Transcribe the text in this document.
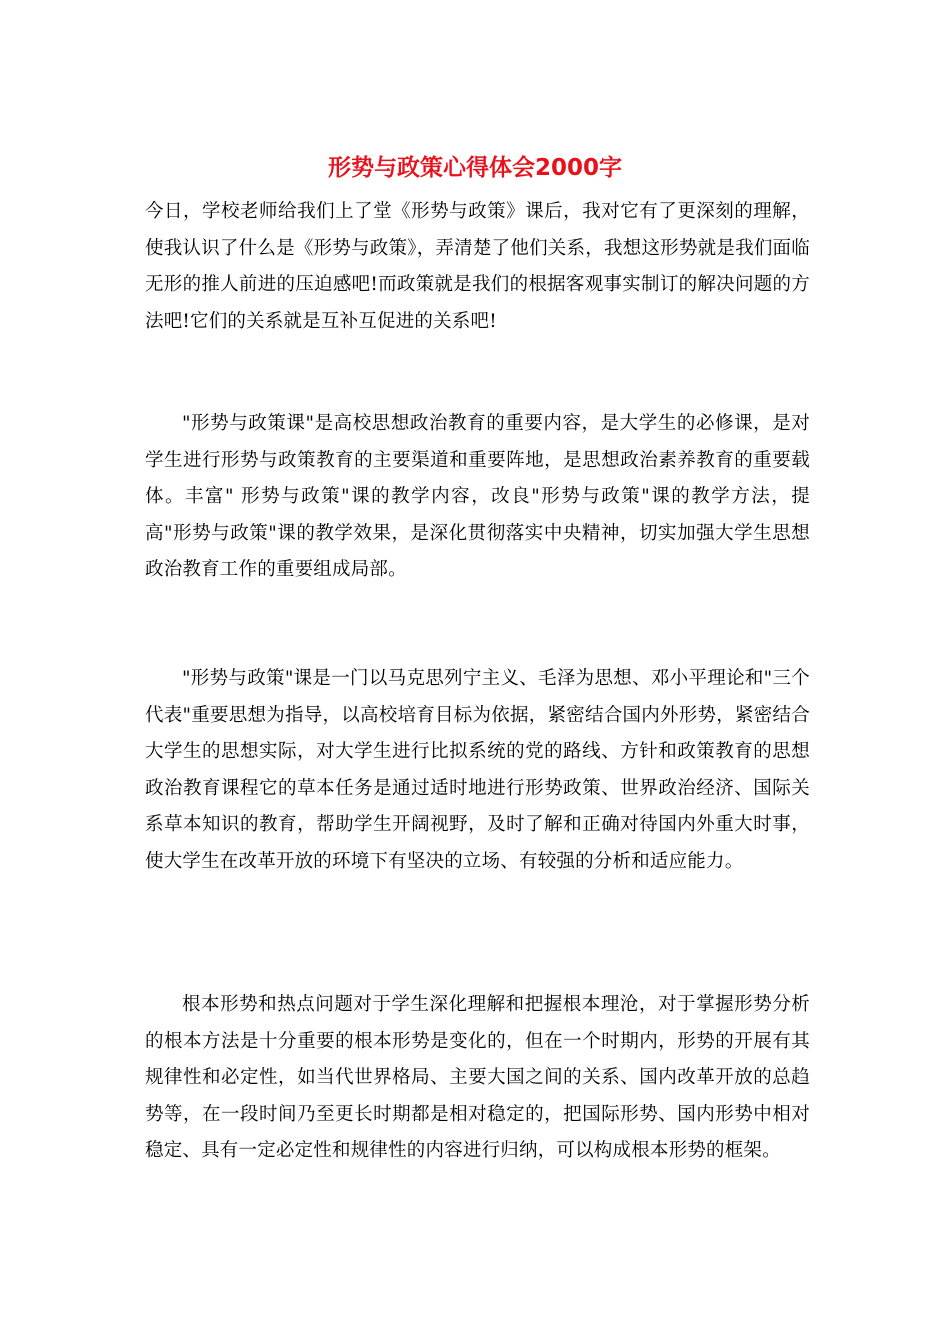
形势与政策心得体会2000字
今日，学校老师给我们上了堂《形势与政策》课后，我对它有了更深刻的理解，使我认识了什么是《形势与政策》，弄清楚了他们关系，我想这形势就是我们面临无形的推人前进的压迫感吧!而政策就是我们的根据客观事实制订的解决问题的方法吧!它们的关系就是互补互促进的关系吧!
"形势与政策课"是高校思想政治教育的重要内容，是大学生的必修课，是对学生进行形势与政策教育的主要渠道和重要阵地，是思想政治素养教育的重要载体。丰富" 形势与政策"课的教学内容，改良"形势与政策"课的教学方法，提高"形势与政策"课的教学效果，是深化贯彻落实中央精神，切实加强大学生思想政治教育工作的重要组成局部。
"形势与政策"课是一门以马克思列宁主义、毛泽为思想、邓小平理论和"三个代表"重要思想为指导，以高校培育目标为依据，紧密结合国内外形势，紧密结合大学生的思想实际，对大学生进行比拟系统的党的路线、方针和政策教育的思想政治教育课程它的草本任务是通过适时地进行形势政策、世界政治经济、国际关系草本知识的教育，帮助学生开阔视野，及时了解和正确对待国内外重大时事，使大学生在改革开放的环境下有坚决的立场、有较强的分析和适应能力。
根本形势和热点问题对于学生深化理解和把握根本理沧，对于掌握形势分析的根本方法是十分重要的根本形势是变化的，但在一个时期内，形势的开展有其规律性和必定性，如当代世界格局、主要大国之间的关系、国内改革开放的总趋势等，在一段时间乃至更长时期都是相对稳定的，把国际形势、国内形势中相对稳定、具有一定必定性和规律性的内容进行归纳，可以构成根本形势的框架。
